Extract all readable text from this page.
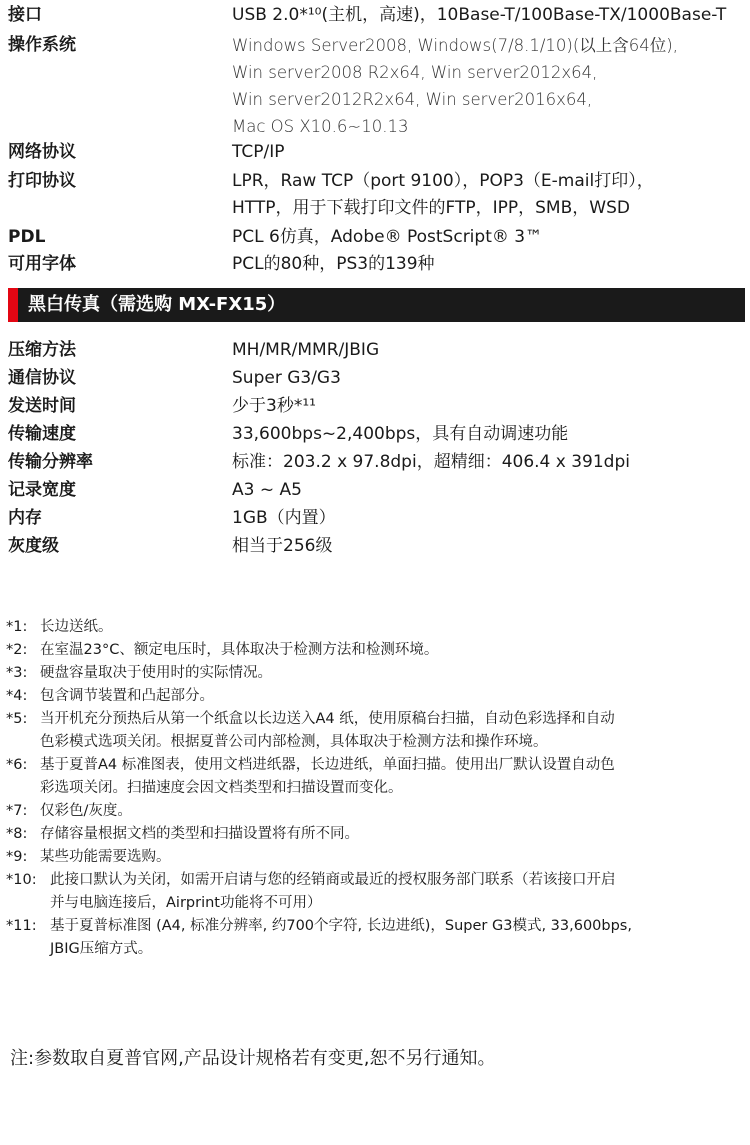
接口	USB 2.0*¹⁰(主机，高速)，10Base-T/100Base-TX/1000Base-T
操作系统	Windows Server2008, Windows(7/8.1/10)(以上含64位),
Win server2008 R2x64, Win server2012x64,
Win server2012R2x64, Win server2016x64,
Mac OS X10.6~10.13
网络协议	TCP/IP
打印协议	LPR，Raw TCP（port 9100），POP3（E-mail打印），
HTTP，用于下载打印文件的FTP，IPP，SMB，WSD
PDL	PCL 6仿真，Adobe® PostScript® 3™
可用字体	PCL的80种，PS3的139种
黑白传真（需选购 MX-FX15）
压缩方法	MH/MR/MMR/JBIG
通信协议	Super G3/G3
发送时间	少于3秒*¹¹
传输速度	33,600bps~2,400bps，具有自动调速功能
传输分辨率	标准：203.2 x 97.8dpi，超精细：406.4 x 391dpi
记录宽度	A3 ~ A5
内存	1GB（内置）
灰度级	相当于256级
*1: 长边送纸。
*2: 在室温23°C、额定电压时，具体取决于检测方法和检测环境。
*3: 硬盘容量取决于使用时的实际情况。
*4: 包含调节装置和凸起部分。
*5: 当开机充分预热后从第一个纸盒以长边送入A4 纸，使用原稿台扫描，自动色彩选择和自动
色彩模式选项关闭。根据夏普公司内部检测，具体取决于检测方法和操作环境。
*6: 基于夏普A4 标准图表，使用文档进纸器，长边进纸，单面扫描。使用出厂默认设置自动色
彩选项关闭。扫描速度会因文档类型和扫描设置而变化。
*7: 仅彩色/灰度。
*8: 存储容量根据文档的类型和扫描设置将有所不同。
*9: 某些功能需要选购。
*10: 此接口默认为关闭，如需开启请与您的经销商或最近的授权服务部门联系（若该接口开启
并与电脑连接后，Airprint功能将不可用）
*11: 基于夏普标准图 (A4, 标准分辨率, 约700个字符, 长边进纸)，Super G3模式, 33,600bps,
JBIG压缩方式。
注:参数取自夏普官网,产品设计规格若有变更,恕不另行通知。
